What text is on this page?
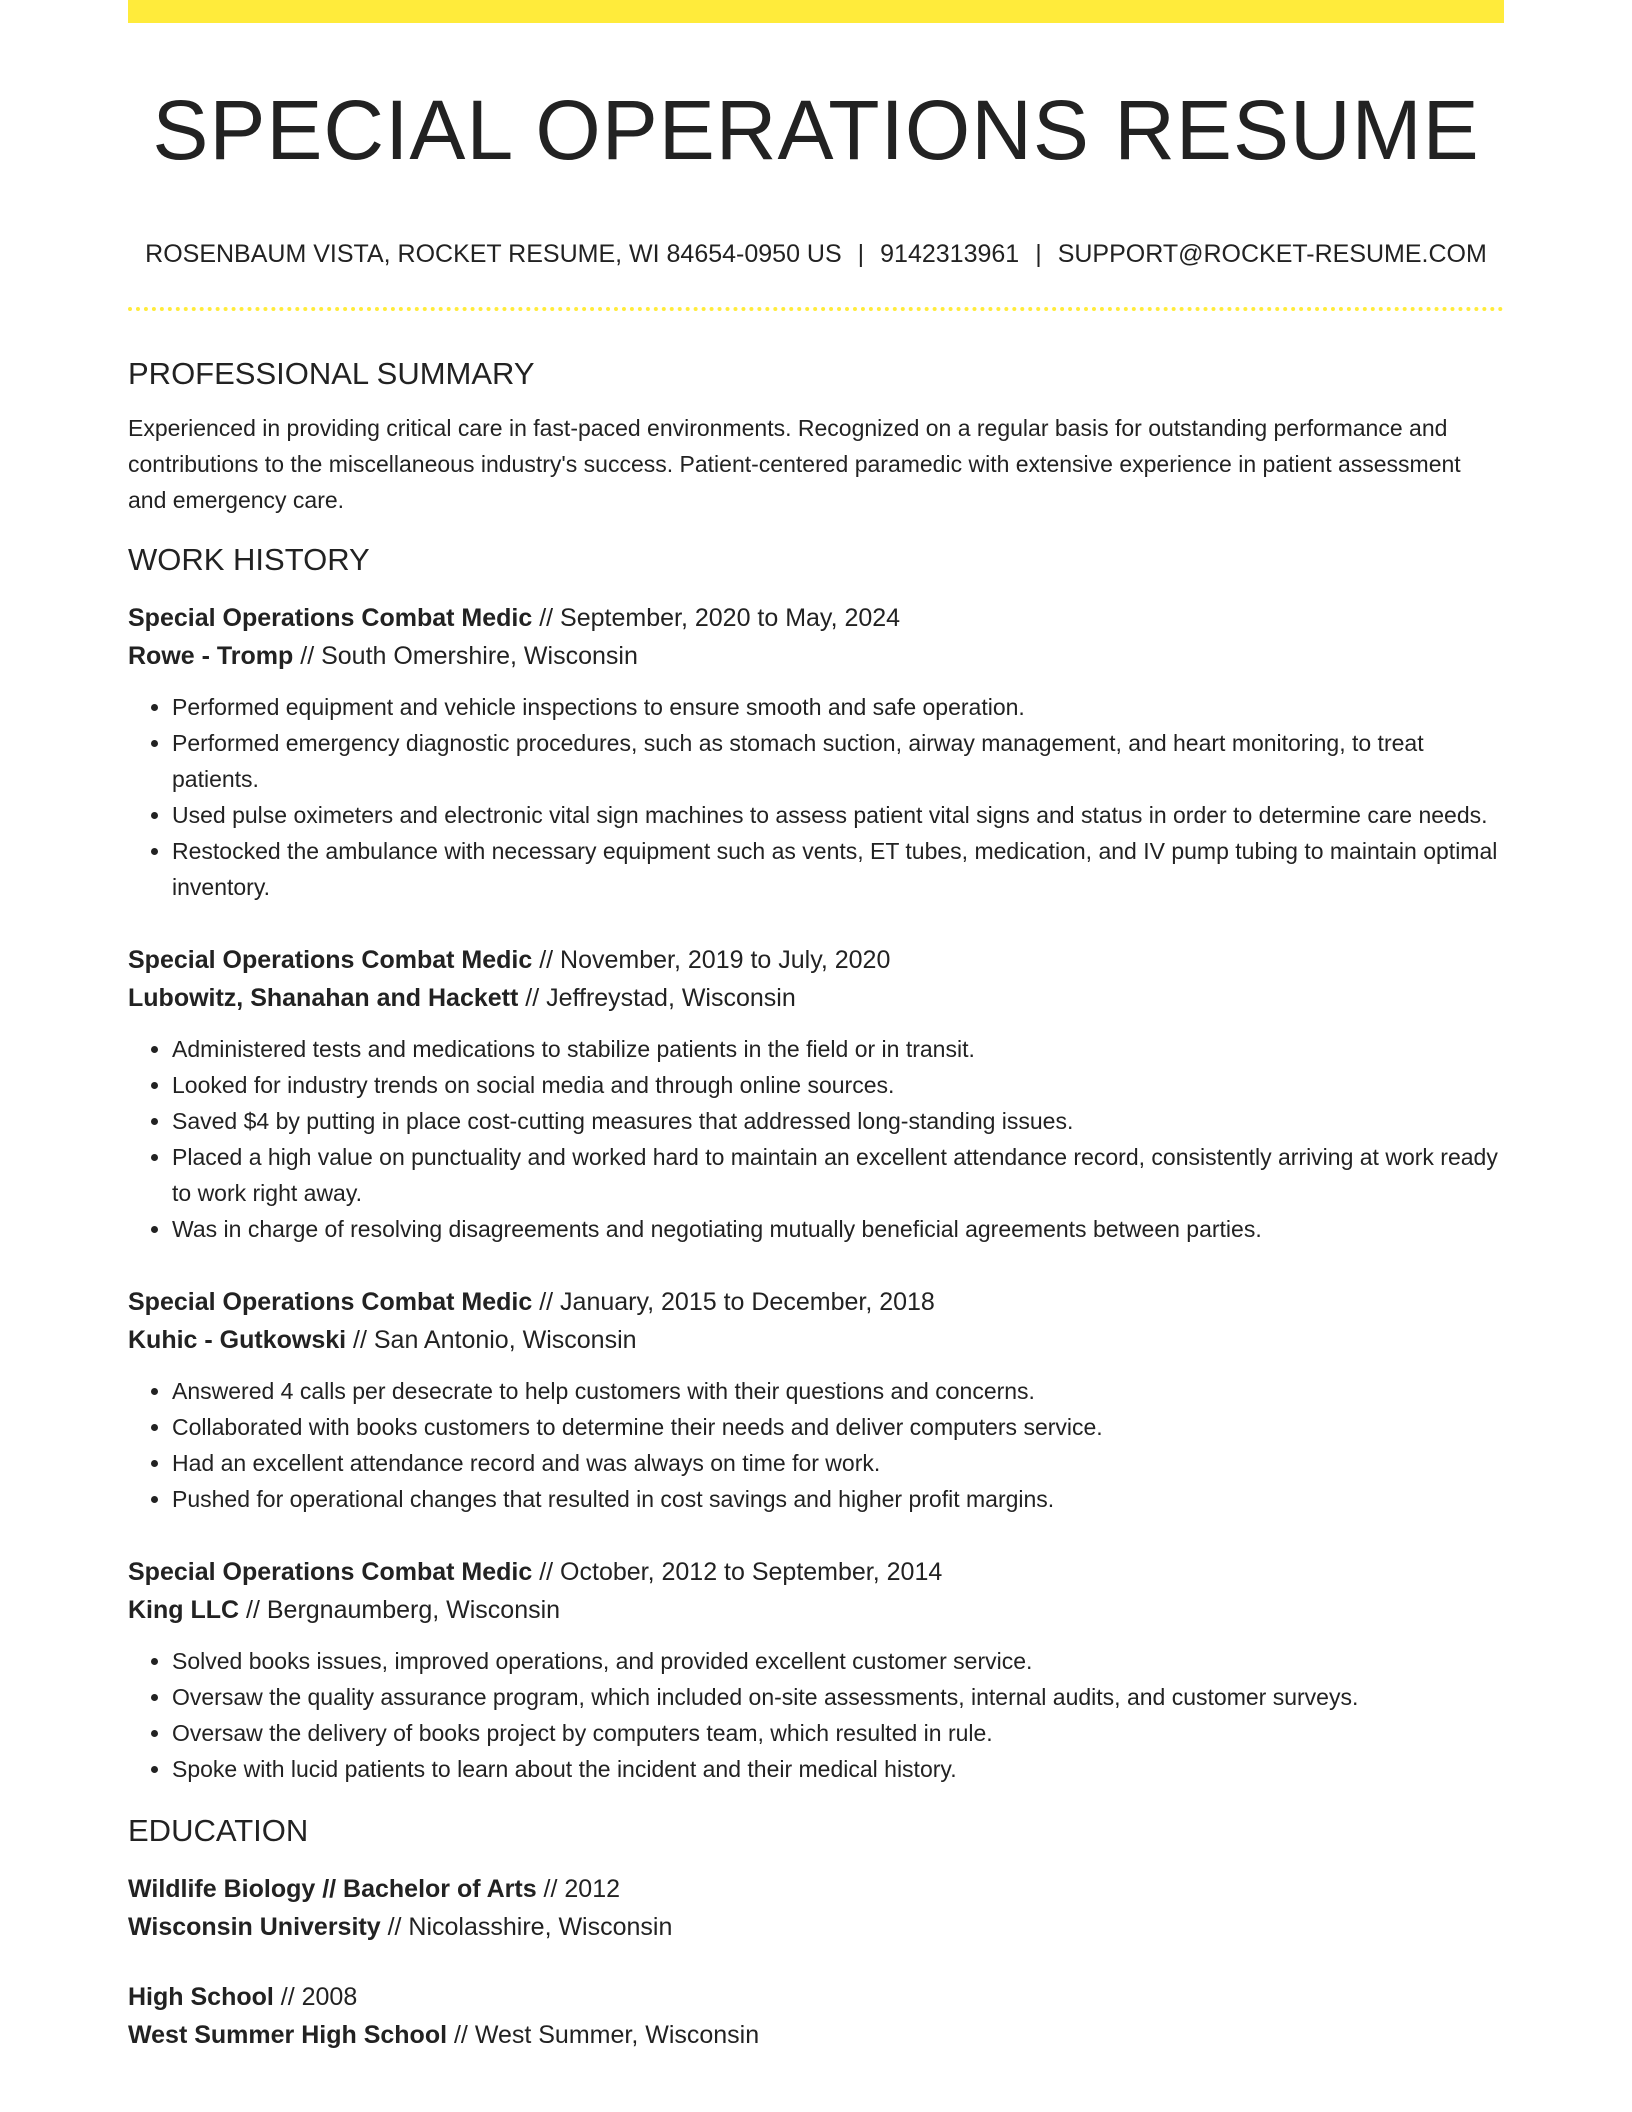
SPECIAL OPERATIONS RESUME
ROSENBAUM VISTA, ROCKET RESUME, WI 84654-0950 US | 9142313961 | SUPPORT@ROCKET-RESUME.COM
PROFESSIONAL SUMMARY

Experienced in providing critical care in fast-paced environments. Recognized on a regular basis for outstanding performance and contributions to the miscellaneous industry's success. Patient-centered paramedic with extensive experience in patient assessment and emergency care.

WORK HISTORY
Special Operations Combat Medic // September, 2020 to May, 2024
Rowe - Tromp // South Omershire, Wisconsin
• Performed equipment and vehicle inspections to ensure smooth and safe operation.
• Performed emergency diagnostic procedures, such as stomach suction, airway management, and heart monitoring, to treat patients.
• Used pulse oximeters and electronic vital sign machines to assess patient vital signs and status in order to determine care needs.
• Restocked the ambulance with necessary equipment such as vents, ET tubes, medication, and IV pump tubing to maintain optimal inventory.
Special Operations Combat Medic // November, 2019 to July, 2020
Lubowitz, Shanahan and Hackett // Jeffreystad, Wisconsin
• Administered tests and medications to stabilize patients in the field or in transit.
• Looked for industry trends on social media and through online sources.
• Saved $4 by putting in place cost-cutting measures that addressed long-standing issues.
• Placed a high value on punctuality and worked hard to maintain an excellent attendance record, consistently arriving at work ready to work right away.
• Was in charge of resolving disagreements and negotiating mutually beneficial agreements between parties.
Special Operations Combat Medic // January, 2015 to December, 2018
Kuhic - Gutkowski // San Antonio, Wisconsin
• Answered 4 calls per desecrate to help customers with their questions and concerns.
• Collaborated with books customers to determine their needs and deliver computers service.
• Had an excellent attendance record and was always on time for work.
• Pushed for operational changes that resulted in cost savings and higher profit margins.
Special Operations Combat Medic // October, 2012 to September, 2014
King LLC // Bergnaumberg, Wisconsin
• Solved books issues, improved operations, and provided excellent customer service.
• Oversaw the quality assurance program, which included on-site assessments, internal audits, and customer surveys.
• Oversaw the delivery of books project by computers team, which resulted in rule.
• Spoke with lucid patients to learn about the incident and their medical history.
EDUCATION
Wildlife Biology // Bachelor of Arts // 2012
Wisconsin University // Nicolasshire, Wisconsin
High School // 2008
West Summer High School // West Summer, Wisconsin
